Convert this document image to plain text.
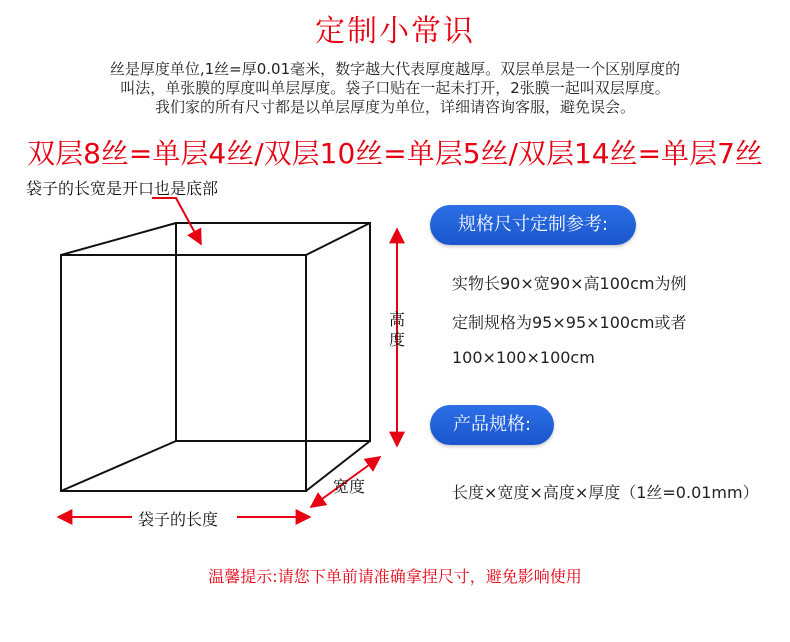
定制小常识
丝是厚度单位,1丝=厚0.01毫米，数字越大代表厚度越厚。双层单层是一个区别厚度的
叫法，单张膜的厚度叫单层厚度。袋子口贴在一起未打开，2张膜一起叫双层厚度。
我们家的所有尺寸都是以单层厚度为单位，详细请咨询客服，避免误会。
双层8丝=单层4丝/双层10丝=单层5丝/双层14丝=单层7丝
袋子的长宽是开口也是底部
高度
宽度
袋子的长度
规格尺寸定制参考:
实物长90×宽90×高100cm为例
定制规格为95×95×100cm或者
100×100×100cm
产品规格:
长度×宽度×高度×厚度（1丝=0.01mm）
温馨提示:请您下单前请准确拿捏尺寸，避免影响使用
